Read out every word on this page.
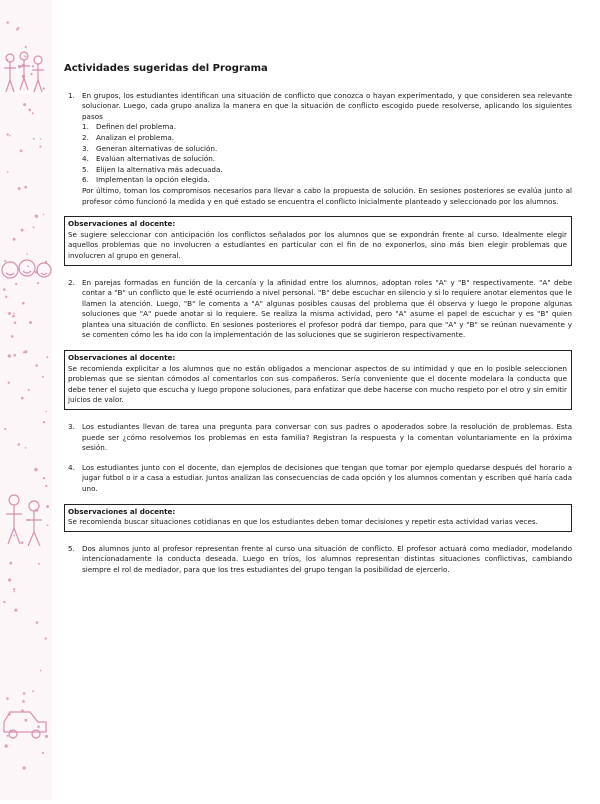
Actividades sugeridas del Programa
1. En grupos, los estudiantes identifican una situación de conflicto que conozca o hayan experimentado, y que consideren sea relevante solucionar. Luego, cada grupo analiza la manera en que la situación de conflicto escogido puede resolverse, aplicando los siguientes pasos
1. Definen del problema.
2. Analizan el problema.
3. Generan alternativas de solución.
4. Evalúan alternativas de solución.
5. Elijen la alternativa más adecuada.
6. Implementan la opción elegida.
Por último, toman los compromisos necesarios para llevar a cabo la propuesta de solución. En sesiones posteriores se evalúa junto al profesor cómo funcionó la medida y en qué estado se encuentra el conflicto inicialmente planteado y seleccionado por los alumnos.
Observaciones al docente:
Se sugiere seleccionar con anticipación los conflictos señalados por los alumnos que se expondrán frente al curso. Idealmente elegir aquellos problemas que no involucren a estudiantes en particular con el fin de no exponerlos, sino más bien elegir problemas que involucren al grupo en general.
2. En parejas formadas en función de la cercanía y la afinidad entre los alumnos, adoptan roles "A" y "B" respectivamente. "A" debe contar a "B" un conflicto que le esté ocurriendo a nivel personal. "B" debe escuchar en silencio y si lo requiere anotar elementos que le llamen la atención. Luego, "B" le comenta a "A" algunas posibles causas del problema que él observa y luego le propone algunas soluciones que "A" puede anotar si lo requiere. Se realiza la misma actividad, pero "A" asume el papel de escuchar y es "B" quien plantea una situación de conflicto. En sesiones posteriores el profesor podrá dar tiempo, para que "A" y "B" se reúnan nuevamente y se comenten cómo les ha ido con la implementación de las soluciones que se sugirieron respectivamente.
Observaciones al docente:
Se recomienda explicitar a los alumnos que no están obligados a mencionar aspectos de su intimidad y que en lo posible seleccionen problemas que se sientan cómodos al comentarlos con sus compañeros. Sería conveniente que el docente modelara la conducta que debe tener el sujeto que escucha y luego propone soluciones, para enfatizar que debe hacerse con mucho respeto por el otro y sin emitir juicios de valor.
3. Los estudiantes llevan de tarea una pregunta para conversar con sus padres o apoderados sobre la resolución de problemas. Esta puede ser ¿cómo resolvemos los problemas en esta familia? Registran la respuesta y la comentan voluntariamente en la próxima sesión.
4. Los estudiantes junto con el docente, dan ejemplos de decisiones que tengan que tomar por ejemplo quedarse después del horario a jugar futbol o ir a casa a estudiar. Juntos analizan las consecuencias de cada opción y los alumnos comentan y escriben qué haría cada uno.
Observaciones al docente:
Se recomienda buscar situaciones cotidianas en que los estudiantes deben tomar decisiones y repetir esta actividad varias veces.
5. Dos alumnos junto al profesor representan frente al curso una situación de conflicto. El profesor actuará como mediador, modelando intencionadamente la conducta deseada. Luego en tríos, los alumnos representan distintas situaciones conflictivas, cambiando siempre el rol de mediador, para que los tres estudiantes del grupo tengan la posibilidad de ejercerlo.
